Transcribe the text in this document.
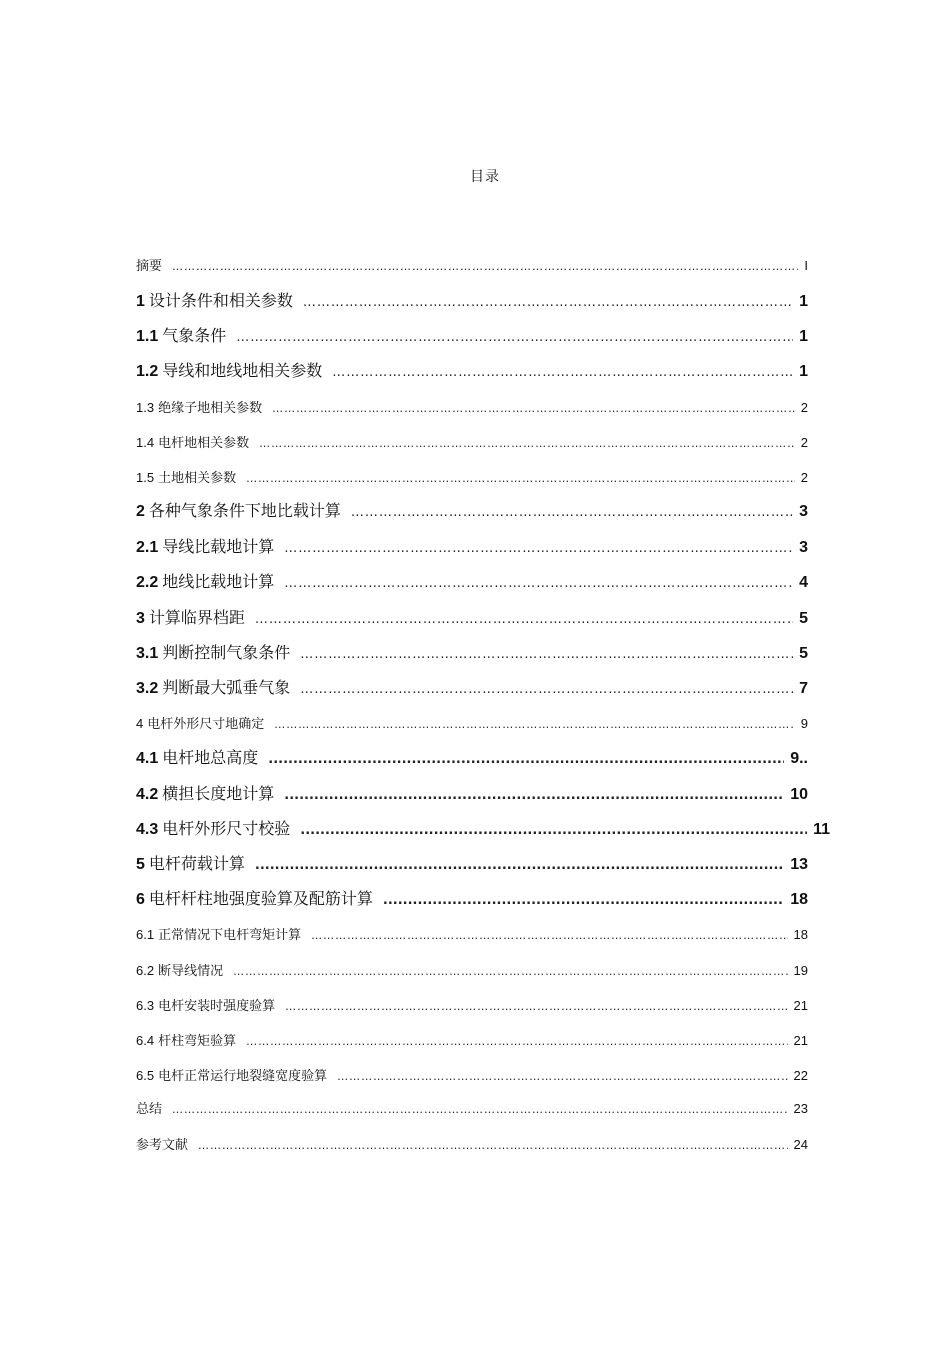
目录
摘要 ………………………………………………………………………………………………………………………………………………	I
1 设计条件和相关参数 ………………………………………………………………………………………………………………………………………………	1
1.1 气象条件 ………………………………………………………………………………………………………………………………………………	1
1.2 导线和地线地相关参数 ………………………………………………………………………………………………………………………………………………	1
1.3 绝缘子地相关参数 ………………………………………………………………………………………………………………………………………………	2
1.4 电杆地相关参数 ………………………………………………………………………………………………………………………………………………	2
1.5 土地相关参数 ………………………………………………………………………………………………………………………………………………	2
2 各种气象条件下地比载计算 ………………………………………………………………………………………………………………………………………………	3
2.1 导线比载地计算 ………………………………………………………………………………………………………………………………………………	3
2.2 地线比载地计算 ………………………………………………………………………………………………………………………………………………	4
3 计算临界档距 ………………………………………………………………………………………………………………………………………………	5
3.1 判断控制气象条件 ………………………………………………………………………………………………………………………………………………	5
3.2 判断最大弧垂气象 ………………………………………………………………………………………………………………………………………………	7
4 电杆外形尺寸地确定 ………………………………………………………………………………………………………………………………………………	9
4.1 电杆地总高度 .....	9..
4.2 横担长度地计算 .....	10
4.3 电杆外形尺寸校验 .....	11
5 电杆荷载计算 .....	13
6 电杆杆柱地强度验算及配筋计算 .....	18
6.1 正常情况下电杆弯矩计算 ………………………………………………………………………………………………………………………………………………	18
6.2 断导线情况 ………………………………………………………………………………………………………………………………………………	19
6.3 电杆安装时强度验算 ………………………………………………………………………………………………………………………………………………	21
6.4 杆柱弯矩验算 ………………………………………………………………………………………………………………………………………………	21
6.5 电杆正常运行地裂缝宽度验算 ………………………………………………………………………………………………………………………………………………	22
总结 ………………………………………………………………………………………………………………………………………………	23
参考文献 ………………………………………………………………………………………………………………………………………………	24
